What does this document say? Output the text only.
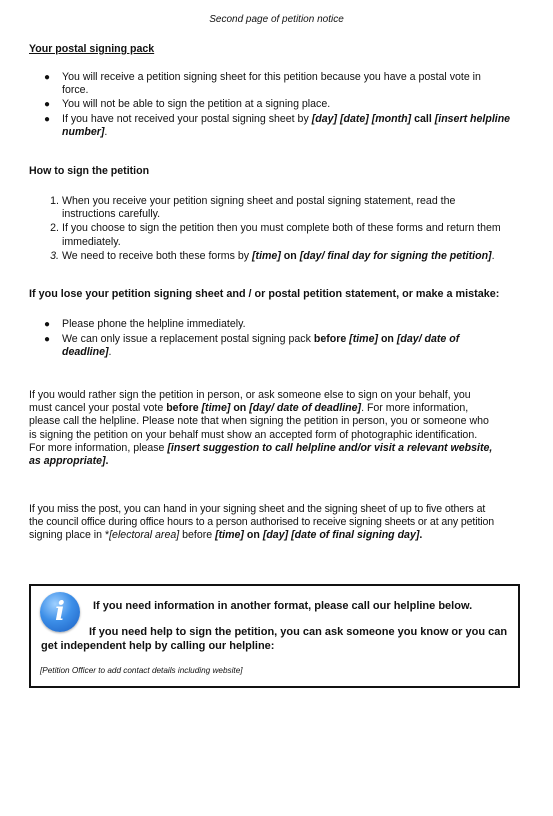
Second page of petition notice
Your postal signing pack
● You will receive a petition signing sheet for this petition because you have a postal vote in
force.
● You will not be able to sign the petition at a signing place.
● If you have not received your postal signing sheet by [day] [date] [month] call [insert helpline
number].
How to sign the petition
1. When you receive your petition signing sheet and postal signing statement, read the
instructions carefully.
2. If you choose to sign the petition then you must complete both of these forms and return them
immediately.
3. We need to receive both these forms by [time] on [day/ final day for signing the petition].
If you lose your petition signing sheet and / or postal petition statement, or make a mistake:
● Please phone the helpline immediately.
● We can only issue a replacement postal signing pack before [time] on [day/ date of
deadline].
If you would rather sign the petition in person, or ask someone else to sign on your behalf, you
must cancel your postal vote before [time] on [day/ date of deadline]. For more information,
please call the helpline. Please note that when signing the petition in person, you or someone who
is signing the petition on your behalf must show an accepted form of photographic identification.
For more information, please [insert suggestion to call helpline and/or visit a relevant website,
as appropriate].
If you miss the post, you can hand in your signing sheet and the signing sheet of up to five others at
the council office during office hours to a person authorised to receive signing sheets or at any petition
signing place in *[electoral area] before [time] on [day] [date of final signing day].
i	If you need information in another format, please call our helpline below.
If you need help to sign the petition, you can ask someone you know or you can get independent help by calling our helpline:
[Petition Officer to add contact details including website]
